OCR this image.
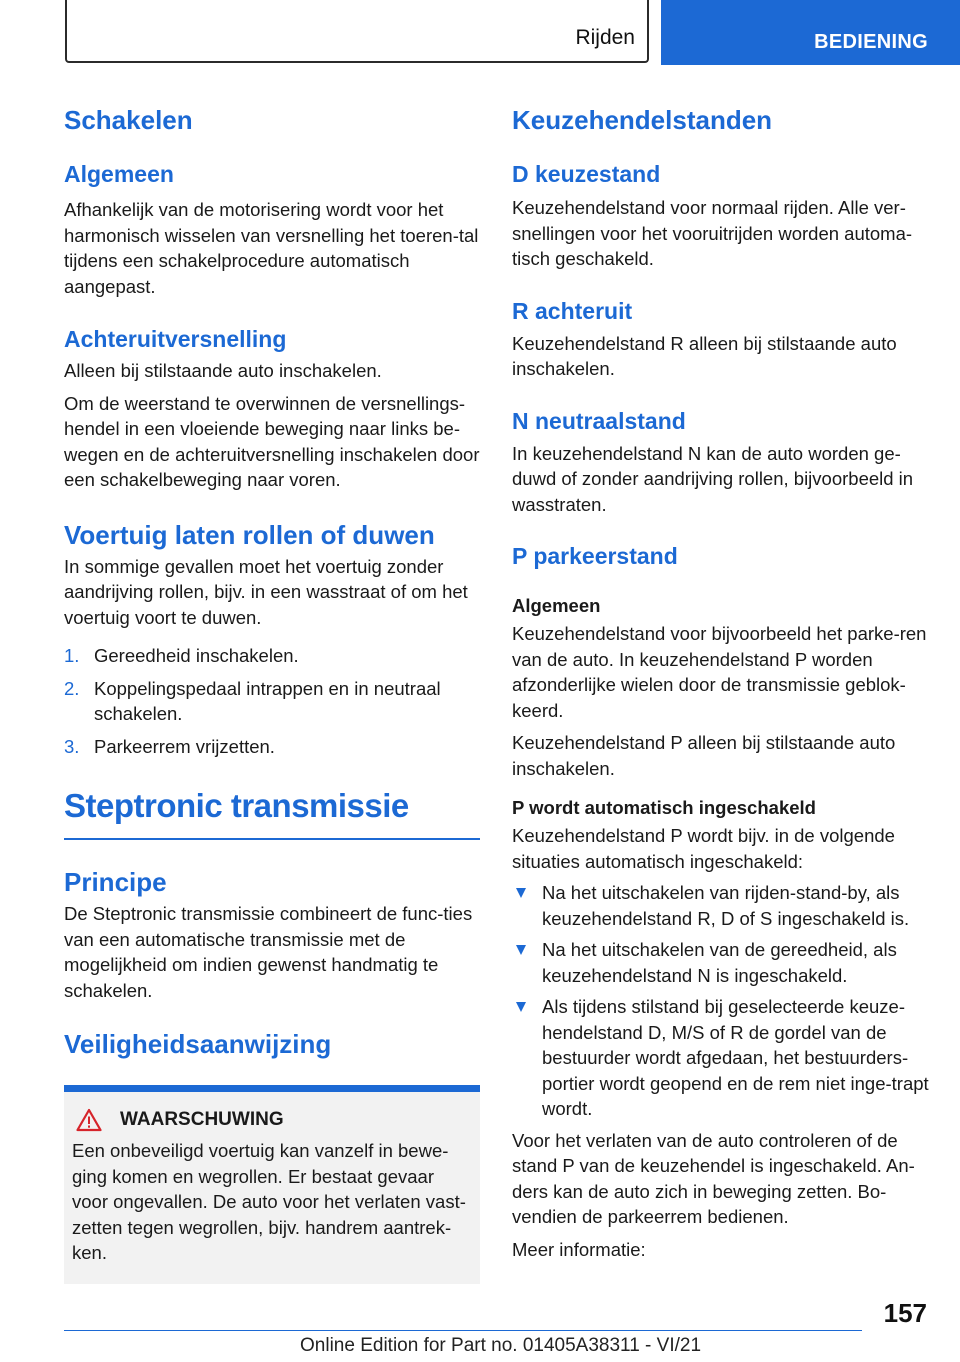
Rijden	BEDIENING
Schakelen
Algemeen

Afhankelijk van de motorisering wordt voor het harmonisch wisselen van versnelling het toeren-tal tijdens een schakelprocedure automatisch aangepast.

Achteruitversnelling

Alleen bij stilstaande auto inschakelen.

Om de weerstand te overwinnen de versnellings-hendel in een vloeiende beweging naar links be-wegen en de achteruitversnelling inschakelen door een schakelbeweging naar voren.

Voertuig laten rollen of duwen

In sommige gevallen moet het voertuig zonder aandrijving rollen, bijv. in een wasstraat of om het voertuig voort te duwen.

1. Gereedheid inschakelen.
2. Koppelingspedaal intrappen en in neutraal schakelen.
3. Parkeerrem vrijzetten.
Steptronic transmissie
Principe

De Steptronic transmissie combineert de func-ties van een automatische transmissie met de mogelijkheid om indien gewenst handmatig te schakelen.

Veiligheidsaanwijzing
WAARSCHUWING

Een onbeveiligd voertuig kan vanzelf in bewe-ging komen en wegrollen. Er bestaat gevaar voor ongevallen. De auto voor het verlaten vast-zetten tegen wegrollen, bijv. handrem aantrek-ken.

Keuzehendelstanden
D keuzestand

Keuzehendelstand voor normaal rijden. Alle ver-snellingen voor het vooruitrijden worden automa-tisch geschakeld.

R achteruit

Keuzehendelstand R alleen bij stilstaande auto inschakelen.

N neutraalstand

In keuzehendelstand N kan de auto worden ge-duwd of zonder aandrijving rollen, bijvoorbeeld in wasstraten.

P parkeerstand

Algemeen

Keuzehendelstand voor bijvoorbeeld het parke-ren van de auto. In keuzehendelstand P worden afzonderlijke wielen door de transmissie geblok-keerd.

Keuzehendelstand P alleen bij stilstaande auto inschakelen.

P wordt automatisch ingeschakeld

Keuzehendelstand P wordt bijv. in de volgende situaties automatisch ingeschakeld:

Na het uitschakelen van rijden-stand-by, als keuzehendelstand R, D of S ingeschakeld is.
Na het uitschakelen van de gereedheid, als keuzehendelstand N is ingeschakeld.
Als tijdens stilstand bij geselecteerde keuze-hendelstand D, M/S of R de gordel van de bestuurder wordt afgedaan, het bestuurders-portier wordt geopend en de rem niet inge-trapt wordt.

Voor het verlaten van de auto controleren of de stand P van de keuzehendel is ingeschakeld. An-ders kan de auto zich in beweging zetten. Bo-vendien de parkeerrem bedienen.

Meer informatie:

157
Online Edition for Part no. 01405A38311 - VI/21
